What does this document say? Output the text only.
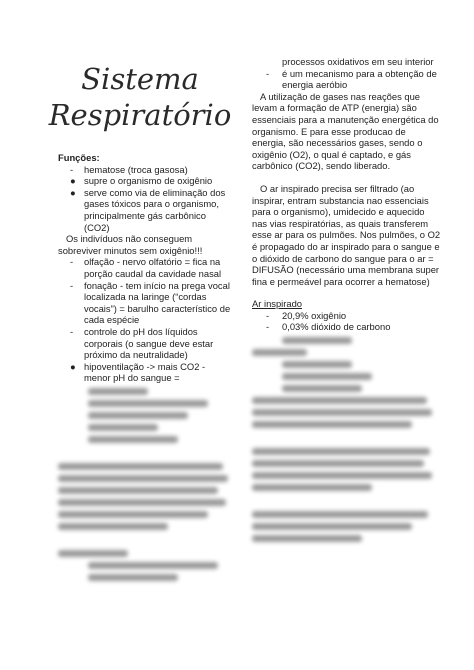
Sistema
Respiratório
Funções:
- hematose (troca gasosa)
● supre o organismo de oxigênio
● serve como via de eliminação dos gases tóxicos para o organismo, principalmente gás carbônico (CO2)
Os indivíduos não conseguem sobreviver minutos sem oxigênio!!!
- olfação - nervo olfatório = fica na porção caudal da cavidade nasal
- fonação - tem início na prega vocal localizada na laringe (“cordas vocais”) = barulho característico de cada espécie
- controle do pH dos líquidos corporais (o sangue deve estar próximo da neutralidade)
● hipoventilação -> mais CO2 - menor pH do sangue =
processos oxidativos em seu interior
- é um mecanismo para a obtenção de energia aeróbio
A utilização de gases nas reações que levam a formação de ATP (energia) são essenciais para a manutenção energética do organismo. E para esse producao de energia, são necessários gases, sendo o oxigênio (O2), o qual é captado, e gás carbônico (CO2), sendo liberado.
O ar inspirado precisa ser filtrado (ao inspirar, entram substancia nao essenciais para o organismo), umidecido e aquecido nas vias respiratórias, as quais transferem esse ar para os pulmões. Nos pulmões, o O2 é propagado do ar inspirado para o sangue e o dióxido de carbono do sangue para o ar = DIFUSÃO (necessário uma membrana super fina e permeável para ocorrer a hematose)
Ar inspirado
- 20,9% oxigênio
- 0,03% dióxido de carbono
